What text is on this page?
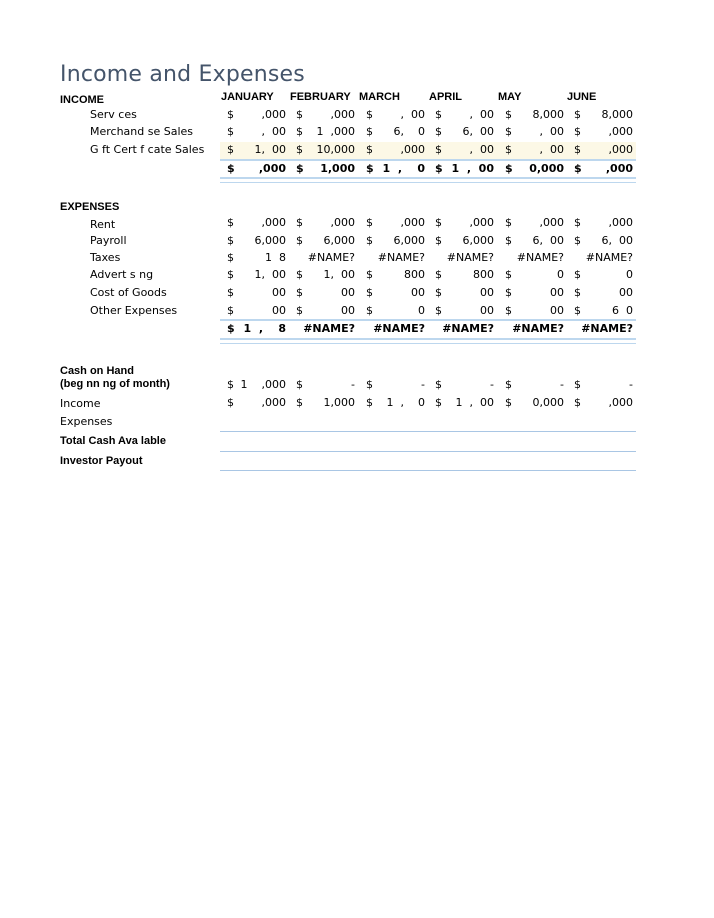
Income and Expenses
JANUARY FEBRUARY MARCH	APRIL	MAY	JUNE
INCOME
Serv ces	$	,000 $	,000 $	,  00 $	,  00 $ 8,000 $ 8,000
Merchand se Sales	$	,  00 $ 1  ,000 $ 6,    0 $ 6,  00 $	,  00 $	,000
G ft Cert f cate Sales $ 1,  00 $ 10,000 $	,000 $	,  00 $	,  00 $	,000
$ ,000 $ 1,000 $ 1  ,    0 $ 1  ,  00 $ 0,000 $ ,000
EXPENSES
Rent	$	,000 $	,000 $	,000 $	,000 $	,000 $	,000
Payroll	$ 6,000 $ 6,000 $ 6,000 $ 6,000 $ 6,  00 $ 6,  00
Taxes	$	1  8 #NAME? #NAME? #NAME? #NAME? #NAME?
Advert s ng	$ 1,  00 $ 1,  00 $	800 $	800 $	0 $	0
Cost of Goods	$	00 $	00 $	00 $	00 $	00 $	00
Other Expenses	$	00 $	00 $	0 $	00 $	00 $	6  0
$ 1  ,    8 #NAME? #NAME? #NAME? #NAME? #NAME?
Cash on Hand
(beg nn ng of month)	$ 1    ,000 $	- $	- $	- $	- $	-
Income	$	,000 $ 1,000 $ 1  ,    0 $ 1  ,  00 $ 0,000 $	,000
Expenses
Total Cash Ava lable
Investor Payout
